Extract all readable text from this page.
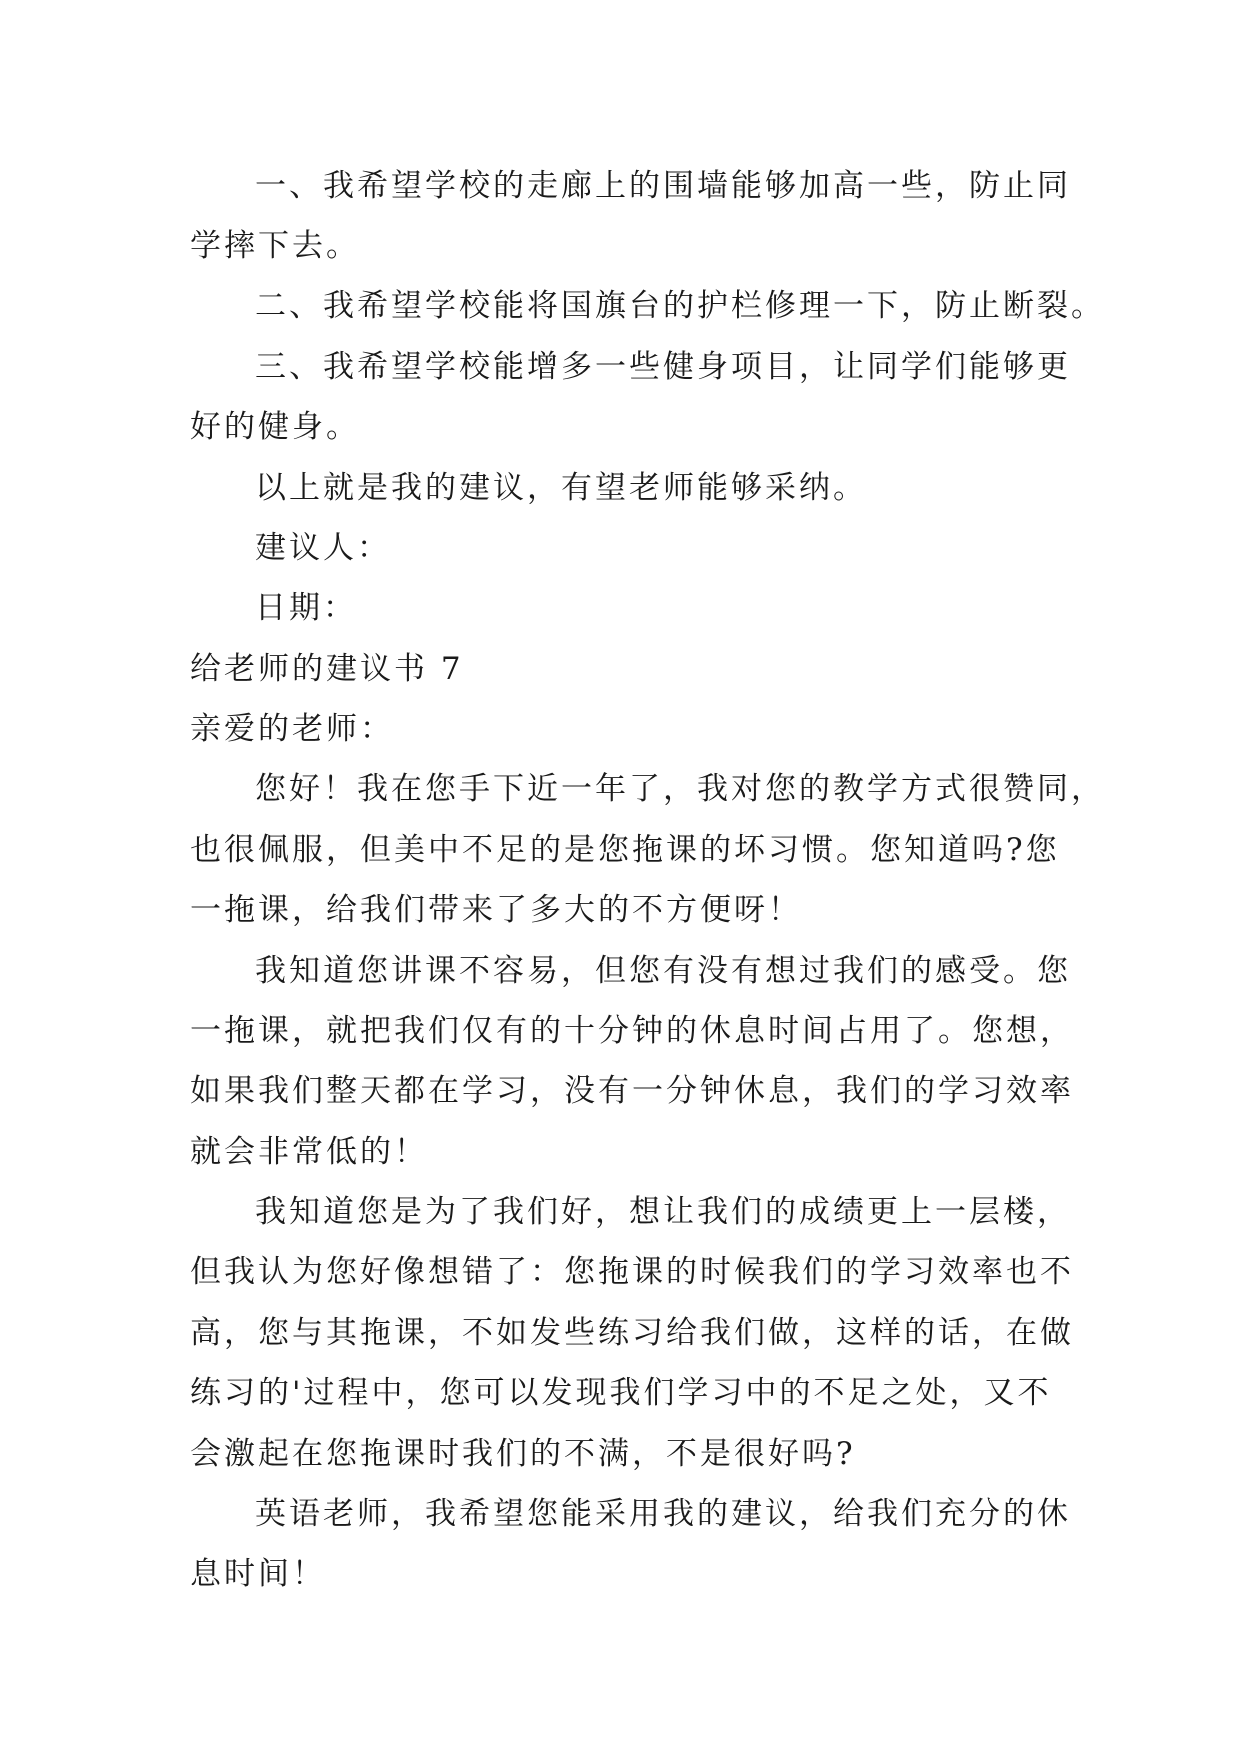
一、我希望学校的走廊上的围墙能够加高一些，防止同
学摔下去。
二、我希望学校能将国旗台的护栏修理一下，防止断裂。
三、我希望学校能增多一些健身项目，让同学们能够更
好的健身。
以上就是我的建议，有望老师能够采纳。
建议人：
日期：
给老师的建议书 7
亲爱的老师：
您好！我在您手下近一年了，我对您的教学方式很赞同，
也很佩服，但美中不足的是您拖课的坏习惯。您知道吗?您
一拖课，给我们带来了多大的不方便呀！
我知道您讲课不容易，但您有没有想过我们的感受。您
一拖课，就把我们仅有的十分钟的休息时间占用了。您想，
如果我们整天都在学习，没有一分钟休息，我们的学习效率
就会非常低的！
我知道您是为了我们好，想让我们的成绩更上一层楼，
但我认为您好像想错了：您拖课的时候我们的学习效率也不
高，您与其拖课，不如发些练习给我们做，这样的话，在做
练习的'过程中，您可以发现我们学习中的不足之处，又不
会激起在您拖课时我们的不满，不是很好吗?
英语老师，我希望您能采用我的建议，给我们充分的休
息时间！
